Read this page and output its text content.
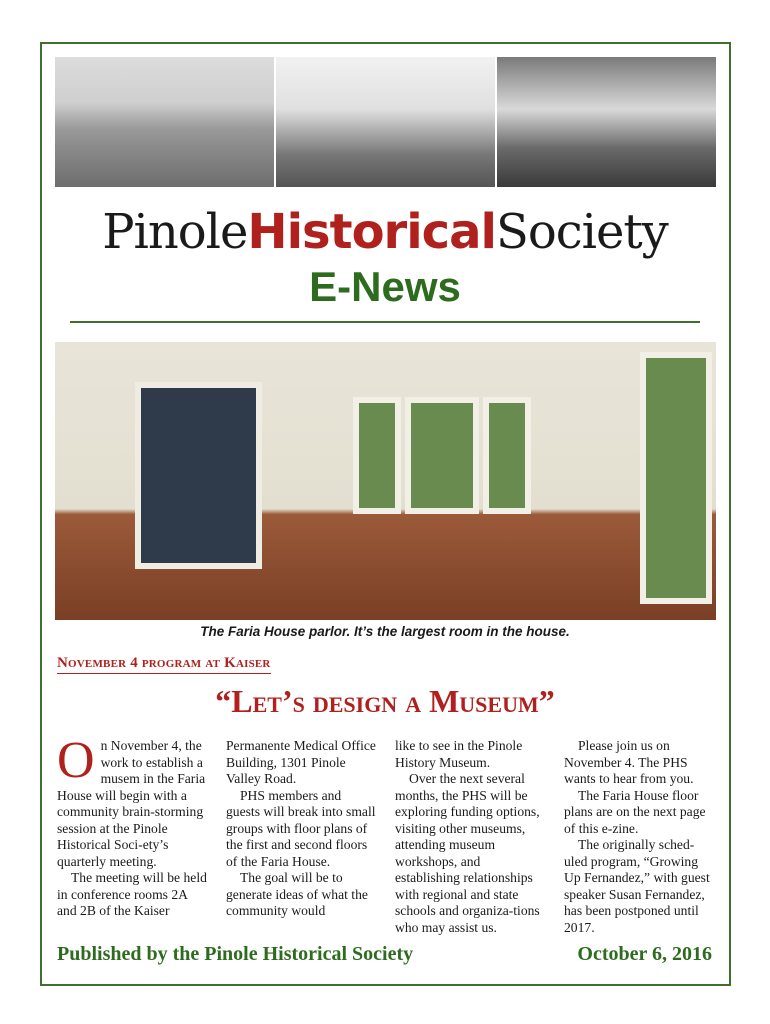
PinoleHistoricalSociety
E-News
The Faria House parlor. It’s the largest room in the house.
November 4 program at Kaiser
“Let’s design a Museum”

On November 4, the work to establish a musem in the Faria House will begin with a community brain-storming session at the Pinole Historical Soci-ety’s quarterly meeting.

The meeting will be held in conference rooms 2A and 2B of the Kaiser

Permanente Medical Office Building, 1301 Pinole Valley Road.

PHS members and guests will break into small groups with floor plans of the first and second floors of the Faria House.

The goal will be to generate ideas of what the community would

like to see in the Pinole History Museum.

Over the next several months, the PHS will be exploring funding options, visiting other museums, attending museum workshops, and establishing relationships with regional and state schools and organiza-tions who may assist us.

Please join us on November 4. The PHS wants to hear from you.

The Faria House floor plans are on the next page of this e-zine.

The originally sched-uled program, “Growing Up Fernandez,” with guest speaker Susan Fernandez, has been postponed until 2017.

Published by the Pinole Historical Society	October 6, 2016
